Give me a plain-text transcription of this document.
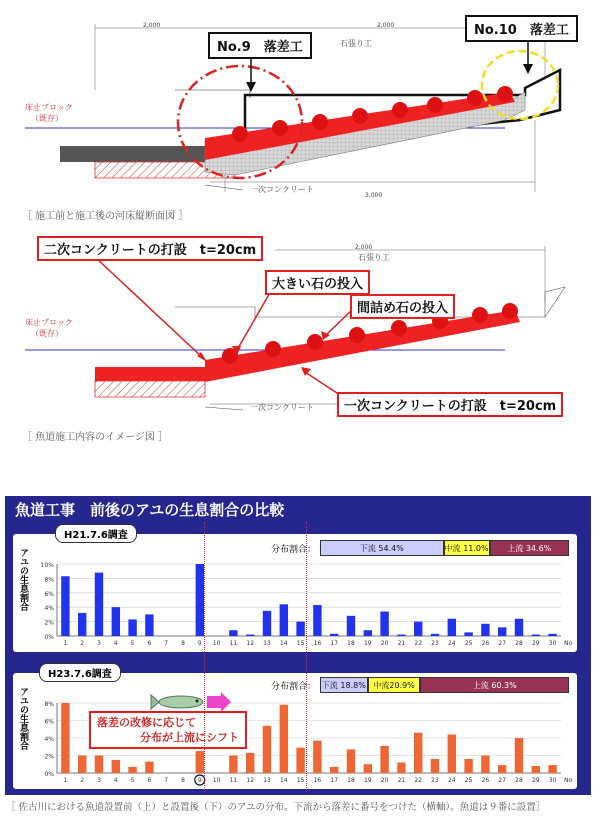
No.9　落差工
No.10　落差工
石張り工
床止ブロック
（既存）
一次コンクリート
2,000	2,000
3,000
［ 施工前と施工後の河床縦断面図 ］
二次コンクリートの打設　t=20cm
大きい石の投入
間詰め石の投入
一次コンクリートの打設　t=20cm
石張り工
床止ブロック
（既存）
一次コンクリート
2,000
［ 魚道施工内容のイメージ図 ］
魚道工事　前後のアユの生息割合の比較
0%
2%
4%
6%
8%
10%
1 2 3 4 5 6 7 8 9 10 11 12 13 14 15 16 17 18 19 20 21 22 23 24 25 26 27 28 29 30 No
アユの生息割合	分布割合：	下流 54.4%	中流 11.0%	上流 34.6%
H21.7.6調査
0%
2%
4%
6%
8%
1 2 3 4 5 6 7 8 9 10 11 12 13 14 15 16 17 18 19 20 21 22 23 24 25 26 27 28 29 30 No
アユの生息割合
分布割合： 下流 18.8% 中流20.9%	上流 60.3%
落差の改修に応じて
分布が上流にシフト
H23.7.6調査
［ 佐古川における魚道設置前（上）と設置後（下）のアユの分布。下流から落差に番号をつけた（横軸）。魚道は９番に設置］
